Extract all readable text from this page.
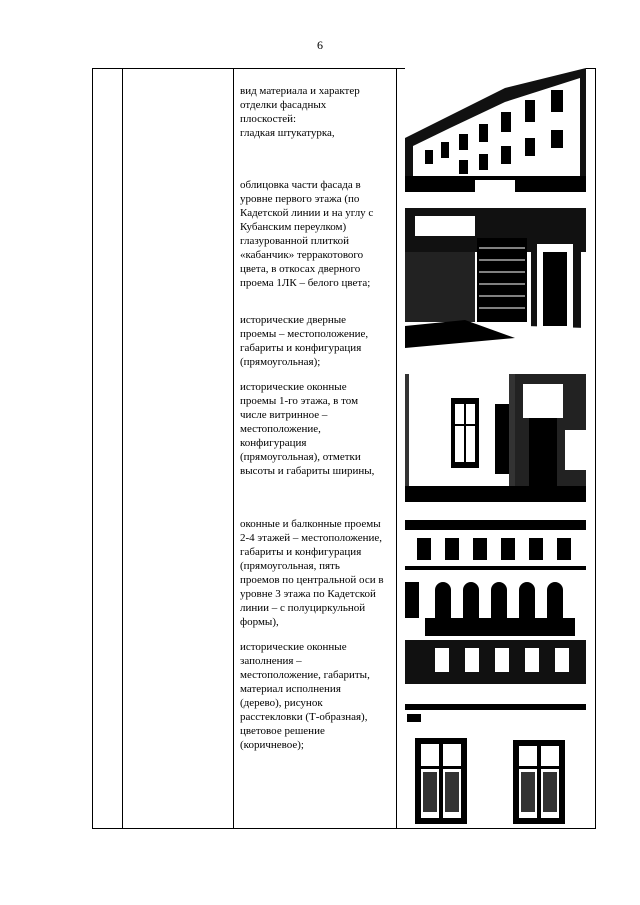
6
вид материала и характер
отделки фасадных
плоскостей:
гладкая штукатурка,
облицовка части фасада в
уровне первого этажа (по
Кадетской линии и на углу с
Кубанским переулком)
глазурованной плиткой
«кабанчик» терракотового
цвета, в откосах дверного
проема 1ЛК – белого цвета;
исторические дверные
проемы – местоположение,
габариты и конфигурация
(прямоугольная);
исторические оконные
проемы 1-го этажа, в том
числе витринное –
местоположение,
конфигурация
(прямоугольная), отметки
высоты и габариты ширины,
оконные и балконные проемы
2-4 этажей – местоположение,
габариты и конфигурация
(прямоугольная, пять
проемов по центральной оси в
уровне 3 этажа по Кадетской
линии – с полуциркульной
формы),
исторические оконные
заполнения –
местоположение, габариты,
материал исполнения
(дерево), рисунок
расстекловки (Т-образная),
цветовое решение
(коричневое);
